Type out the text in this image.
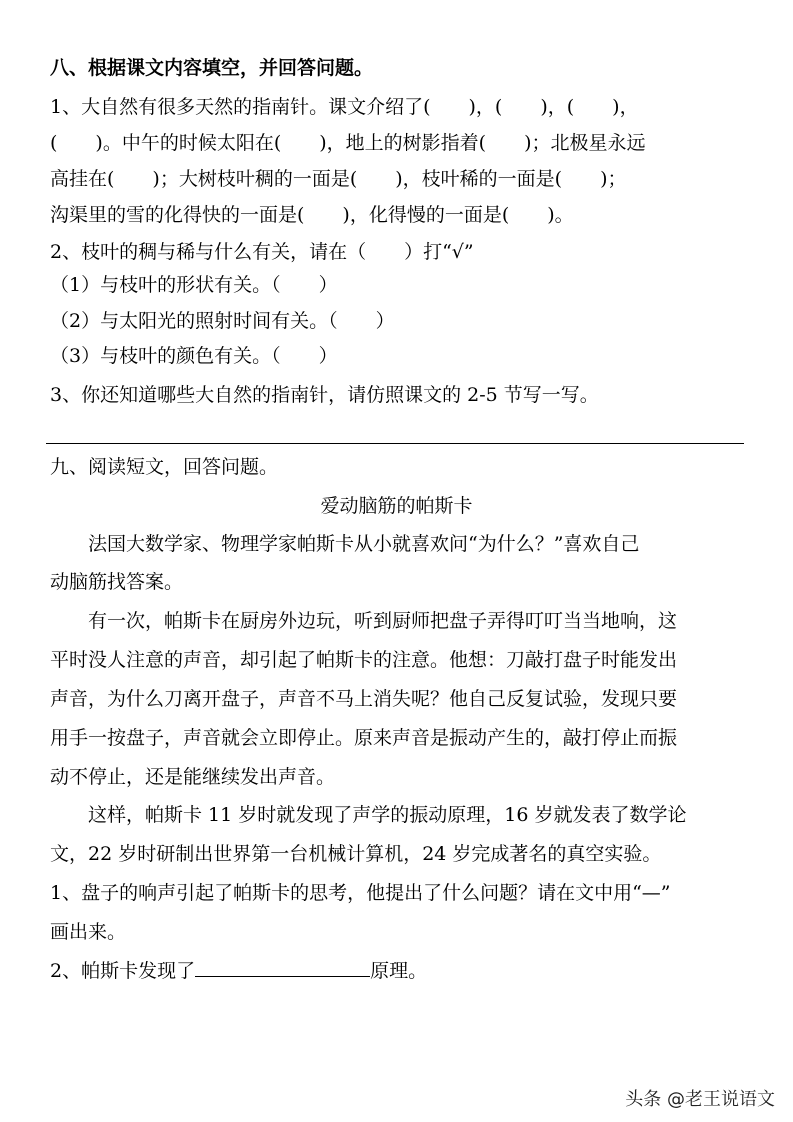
八、根据课文内容填空，并回答问题。
1、大自然有很多天然的指南针。课文介绍了(　　)，(　　)，(　　)，
(　　)。中午的时候太阳在(　　)，地上的树影指着(　　)；北极星永远
高挂在(　　)；大树枝叶稠的一面是(　　)，枝叶稀的一面是(　　)；
沟渠里的雪的化得快的一面是(　　)，化得慢的一面是(　　)。
2、枝叶的稠与稀与什么有关，请在（　　）打“√”
（1）与枝叶的形状有关。（　　）
（2）与太阳光的照射时间有关。（　　）
（3）与枝叶的颜色有关。（　　）
3、你还知道哪些大自然的指南针，请仿照课文的 2-5 节写一写。
九、阅读短文，回答问题。
爱动脑筋的帕斯卡
　　法国大数学家、物理学家帕斯卡从小就喜欢问“为什么？”喜欢自己
动脑筋找答案。
　　有一次，帕斯卡在厨房外边玩，听到厨师把盘子弄得叮叮当当地响，这
平时没人注意的声音，却引起了帕斯卡的注意。他想：刀敲打盘子时能发出
声音，为什么刀离开盘子，声音不马上消失呢？他自己反复试验，发现只要
用手一按盘子，声音就会立即停止。原来声音是振动产生的，敲打停止而振
动不停止，还是能继续发出声音。
　　这样，帕斯卡 11 岁时就发现了声学的振动原理，16 岁就发表了数学论
文，22 岁时研制出世界第一台机械计算机，24 岁完成著名的真空实验。
1、盘子的响声引起了帕斯卡的思考，他提出了什么问题？请在文中用“—”
画出来。
2、帕斯卡发现了	原理。
头条 @老王说语文
